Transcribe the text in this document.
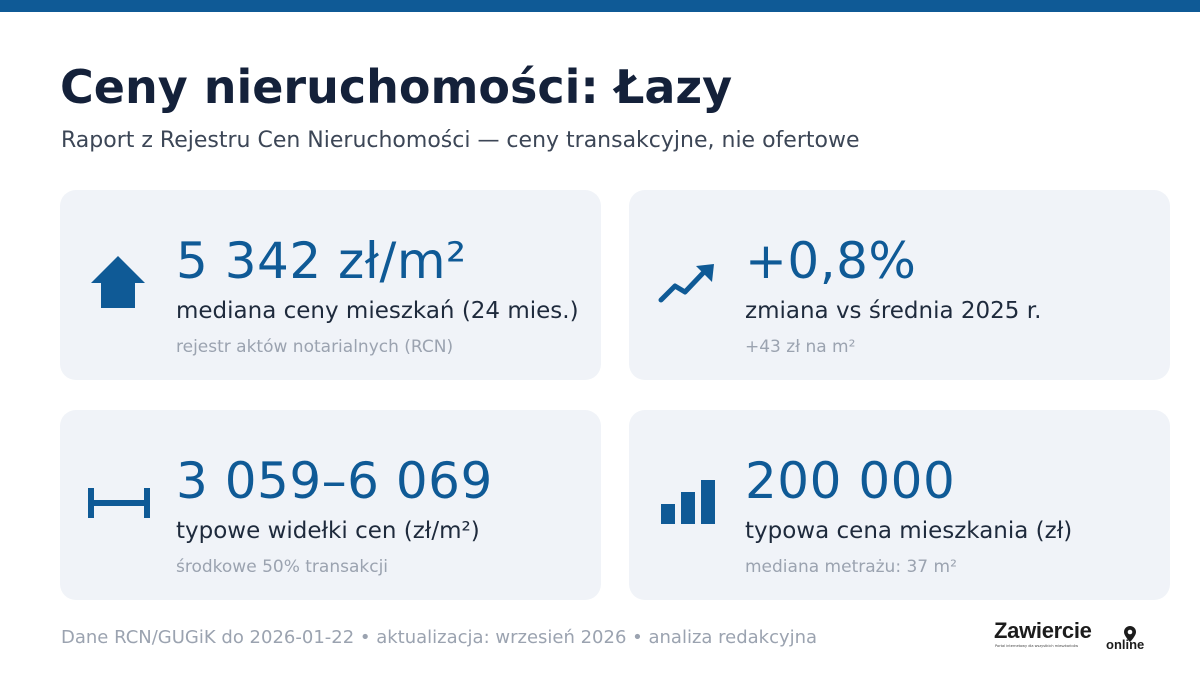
Ceny nieruchomości: Łazy
Raport z Rejestru Cen Nieruchomości — ceny transakcyjne, nie ofertowe
5 342 zł/m²
mediana ceny mieszkań (24 mies.)
rejestr aktów notarialnych (RCN)
+0,8%
zmiana vs średnia 2025 r.
+43 zł na m²
3 059–6 069
typowe widełki cen (zł/m²)
środkowe 50% transakcji
200 000
typowa cena mieszkania (zł)
mediana metrażu: 37 m²
Dane RCN/GUGiK do 2026-01-22 • aktualizacja: wrzesień 2026 • analiza redakcyjna	Zawiercie
online
Portal internetowy dla wszystkich mieszkańców
